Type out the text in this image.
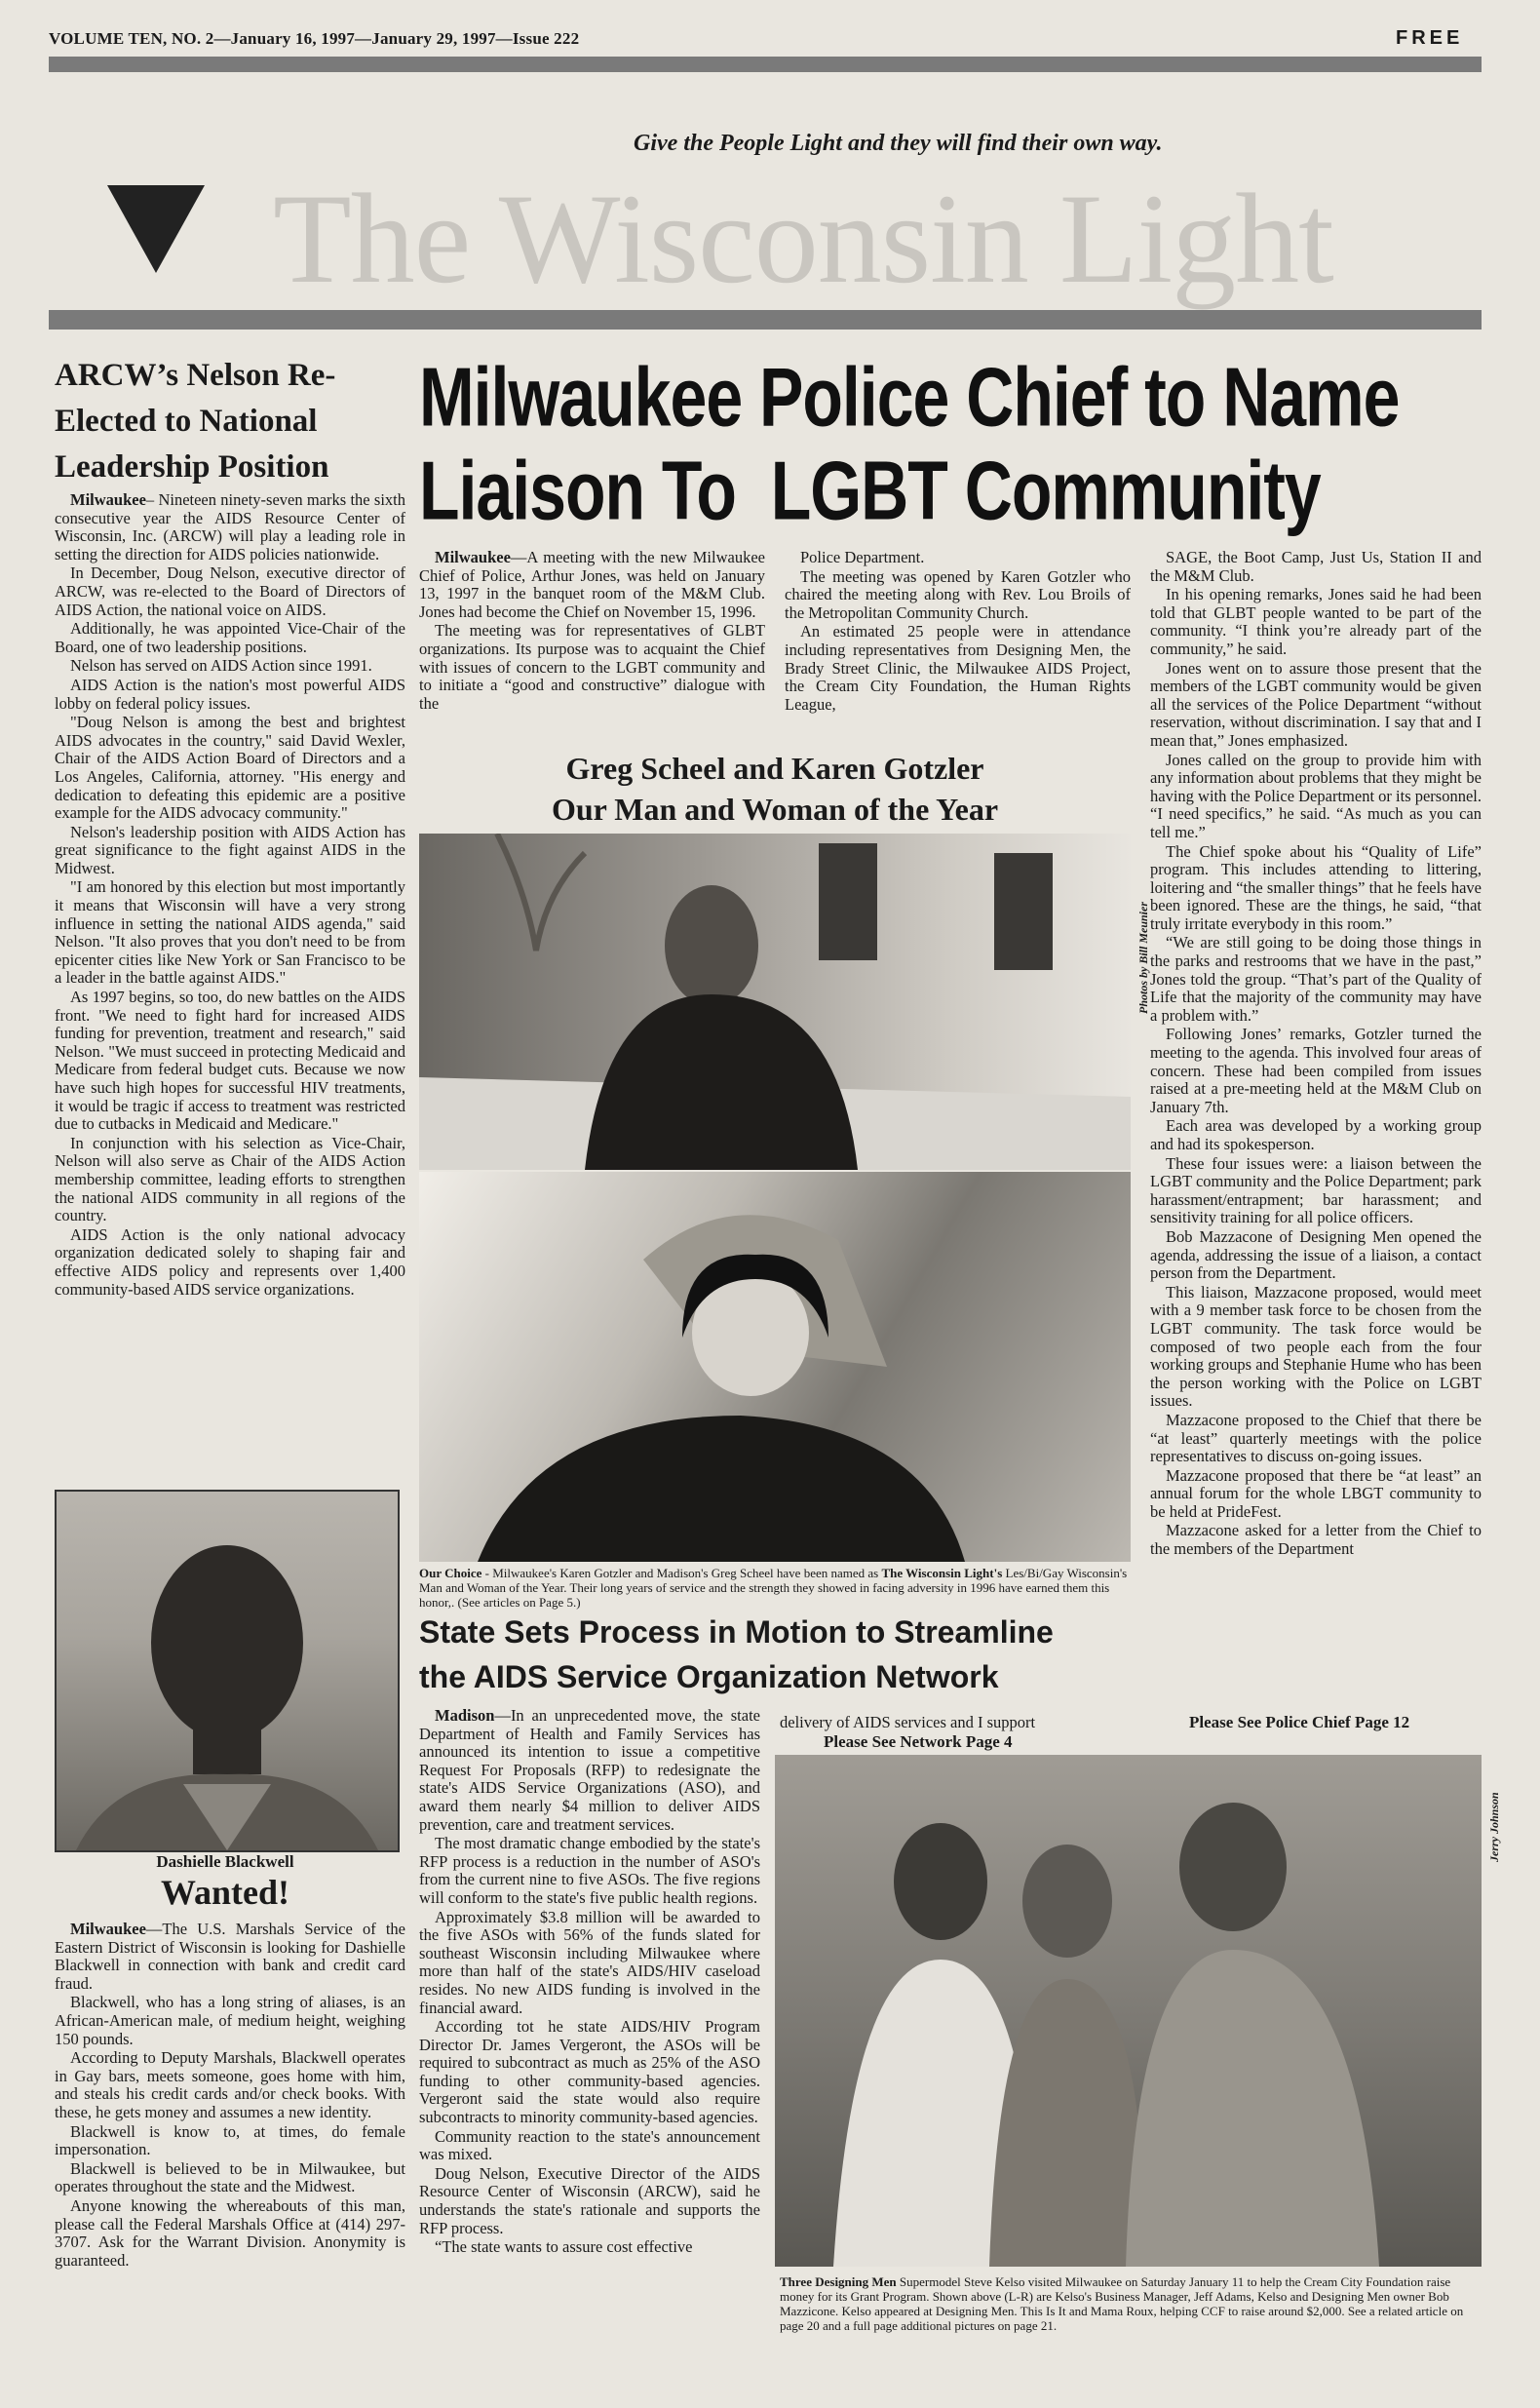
VOLUME TEN, NO. 2—January 16, 1997—January 29, 1997—Issue 222	FREE
Give the People Light and they will find their own way.
The Wisconsin Light
ARCW’s Nelson Re-Elected to National Leadership Position

Milwaukee– Nineteen ninety-seven marks the sixth consecutive year the AIDS Resource Center of Wisconsin, Inc. (ARCW) will play a leading role in setting the direction for AIDS policies nationwide.

In December, Doug Nelson, executive director of ARCW, was re-elected to the Board of Directors of AIDS Action, the national voice on AIDS.

Additionally, he was appointed Vice-Chair of the Board, one of two leadership positions.

Nelson has served on AIDS Action since 1991.

AIDS Action is the nation's most powerful AIDS lobby on federal policy issues.

"Doug Nelson is among the best and brightest AIDS advocates in the country," said David Wexler, Chair of the AIDS Action Board of Directors and a Los Angeles, California, attorney. "His energy and dedication to defeating this epidemic are a positive example for the AIDS advocacy community."

Nelson's leadership position with AIDS Action has great significance to the fight against AIDS in the Midwest.

"I am honored by this election but most importantly it means that Wisconsin will have a very strong influence in setting the national AIDS agenda," said Nelson. "It also proves that you don't need to be from epicenter cities like New York or San Francisco to be a leader in the battle against AIDS."

As 1997 begins, so too, do new battles on the AIDS front. "We need to fight hard for increased AIDS funding for prevention, treatment and research," said Nelson. "We must succeed in protecting Medicaid and Medicare from federal budget cuts. Because we now have such high hopes for successful HIV treatments, it would be tragic if access to treatment was restricted due to cutbacks in Medicaid and Medicare."

In conjunction with his selection as Vice-Chair, Nelson will also serve as Chair of the AIDS Action membership committee, leading efforts to strengthen the national AIDS community in all regions of the country.

AIDS Action is the only national advocacy organization dedicated solely to shaping fair and effective AIDS policy and represents over 1,400 community-based AIDS service organizations.

Dashielle Blackwell
Wanted!

Milwaukee—The U.S. Marshals Service of the Eastern District of Wisconsin is looking for Dashielle Blackwell in connection with bank and credit card fraud.

Blackwell, who has a long string of aliases, is an African-American male, of medium height, weighing 150 pounds.

According to Deputy Marshals, Blackwell operates in Gay bars, meets someone, goes home with him, and steals his credit cards and/or check books. With these, he gets money and assumes a new identity.

Blackwell is know to, at times, do female impersonation.

Blackwell is believed to be in Milwaukee, but operates throughout the state and the Midwest.

Anyone knowing the whereabouts of this man, please call the Federal Marshals Office at (414) 297-3707. Ask for the Warrant Division. Anonymity is guaranteed.

Milwaukee Police Chief to Name
Liaison To  LGBT Community

Milwaukee—A meeting with the new Milwaukee Chief of Police, Arthur Jones, was held on January 13, 1997 in the banquet room of the M&M Club. Jones had become the Chief on November 15, 1996.

The meeting was for representatives of GLBT organizations. Its purpose was to acquaint the Chief with issues of concern to the LGBT community and to initiate a “good and constructive” dialogue with the

Police Department.

The meeting was opened by Karen Gotzler who chaired the meeting along with Rev. Lou Broils of the Metropolitan Community Church.

An estimated 25 people were in attendance including representatives from Designing Men, the Brady Street Clinic, the Milwaukee AIDS Project, the Cream City Foundation, the Human Rights League,

SAGE, the Boot Camp, Just Us, Station II and the M&M Club.

In his opening remarks, Jones said he had been told that GLBT people wanted to be part of the community. “I think you’re already part of the community,” he said.

Jones went on to assure those present that the members of the LGBT community would be given all the services of the Police Department “without reservation, without discrimination. I say that and I mean that,” Jones emphasized.

Jones called on the group to provide him with any information about problems that they might be having with the Police Department or its personnel. “I need specifics,” he said. “As much as you can tell me.”

The Chief spoke about his “Quality of Life” program. This includes attending to littering, loitering and “the smaller things” that he feels have been ignored. These are the things, he said, “that truly irritate everybody in this room.”

“We are still going to be doing those things in the parks and restrooms that we have in the past,” Jones told the group. “That’s part of the Quality of Life that the majority of the community may have a problem with.”

Following Jones’ remarks, Gotzler turned the meeting to the agenda. This involved four areas of concern. These had been compiled from issues raised at a pre-meeting held at the M&M Club on January 7th.

Each area was developed by a working group and had its spokesperson.

These four issues were: a liaison between the LGBT community and the Police Department; park harassment/entrapment; bar harassment; and sensitivity training for all police officers.

Bob Mazzacone of Designing Men opened the agenda, addressing the issue of a liaison, a contact person from the Department.

This liaison, Mazzacone proposed, would meet with a 9 member task force to be chosen from the LGBT community. The task force would be composed of two people each from the four working groups and Stephanie Hume who has been the person working with the Police on LGBT issues.

Mazzacone proposed to the Chief that there be “at least” quarterly meetings with the police representatives to discuss on-going issues.

Mazzacone proposed that there be “at least” an annual forum for the whole LBGT community to be held at PrideFest.

Mazzacone asked for a letter from the Chief to the members of the Department

Please See Police Chief Page 12
Greg Scheel and Karen Gotzler
Our Man and Woman of the Year
Photos by Bill Meunier
Our Choice - Milwaukee's Karen Gotzler and Madison's Greg Scheel have been named as The Wisconsin Light's Les/Bi/Gay Wisconsin's Man and Woman of the Year. Their long years of service and the strength they showed in facing adversity in 1996 have earned them this honor,. (See articles on Page 5.)
State Sets Process in Motion to Streamline
the AIDS Service Organization Network

Madison—In an unprecedented move, the state Department of Health and Family Services has announced its intention to issue a competitive Request For Proposals (RFP) to redesignate the state's AIDS Service Organizations (ASO), and award them nearly $4 million to deliver AIDS prevention, care and treatment services.

The most dramatic change embodied by the state's RFP process is a reduction in the number of ASO's from the current nine to five ASOs. The five regions will conform to the state's five public health regions.

Approximately $3.8 million will be awarded to the five ASOs with 56% of the funds slated for southeast Wisconsin including Milwaukee where more than half of the state's AIDS/HIV caseload resides. No new AIDS funding is involved in the financial award.

According tot he state AIDS/HIV Program Director Dr. James Vergeront, the ASOs will be required to subcontract as much as 25% of the ASO funding to other community-based agencies. Vergeront said the state would also require subcontracts to minority community-based agencies.

Community reaction to the state's announcement was mixed.

Doug Nelson, Executive Director of the AIDS Resource Center of Wisconsin (ARCW), said he understands the state's rationale and supports the RFP process.

“The state wants to assure cost effective

delivery of AIDS services and I support
Please See Network Page 4
Jerry Johnson
Three Designing Men Supermodel Steve Kelso visited Milwaukee on Saturday January 11 to help the Cream City Foundation raise money for its Grant Program. Shown above (L-R) are Kelso's Business Manager, Jeff Adams, Kelso and Designing Men owner Bob Mazzicone. Kelso appeared at Designing Men. This Is It and Mama Roux, helping CCF to raise around $2,000. See a related article on page 20 and a full page additional pictures on page 21.
